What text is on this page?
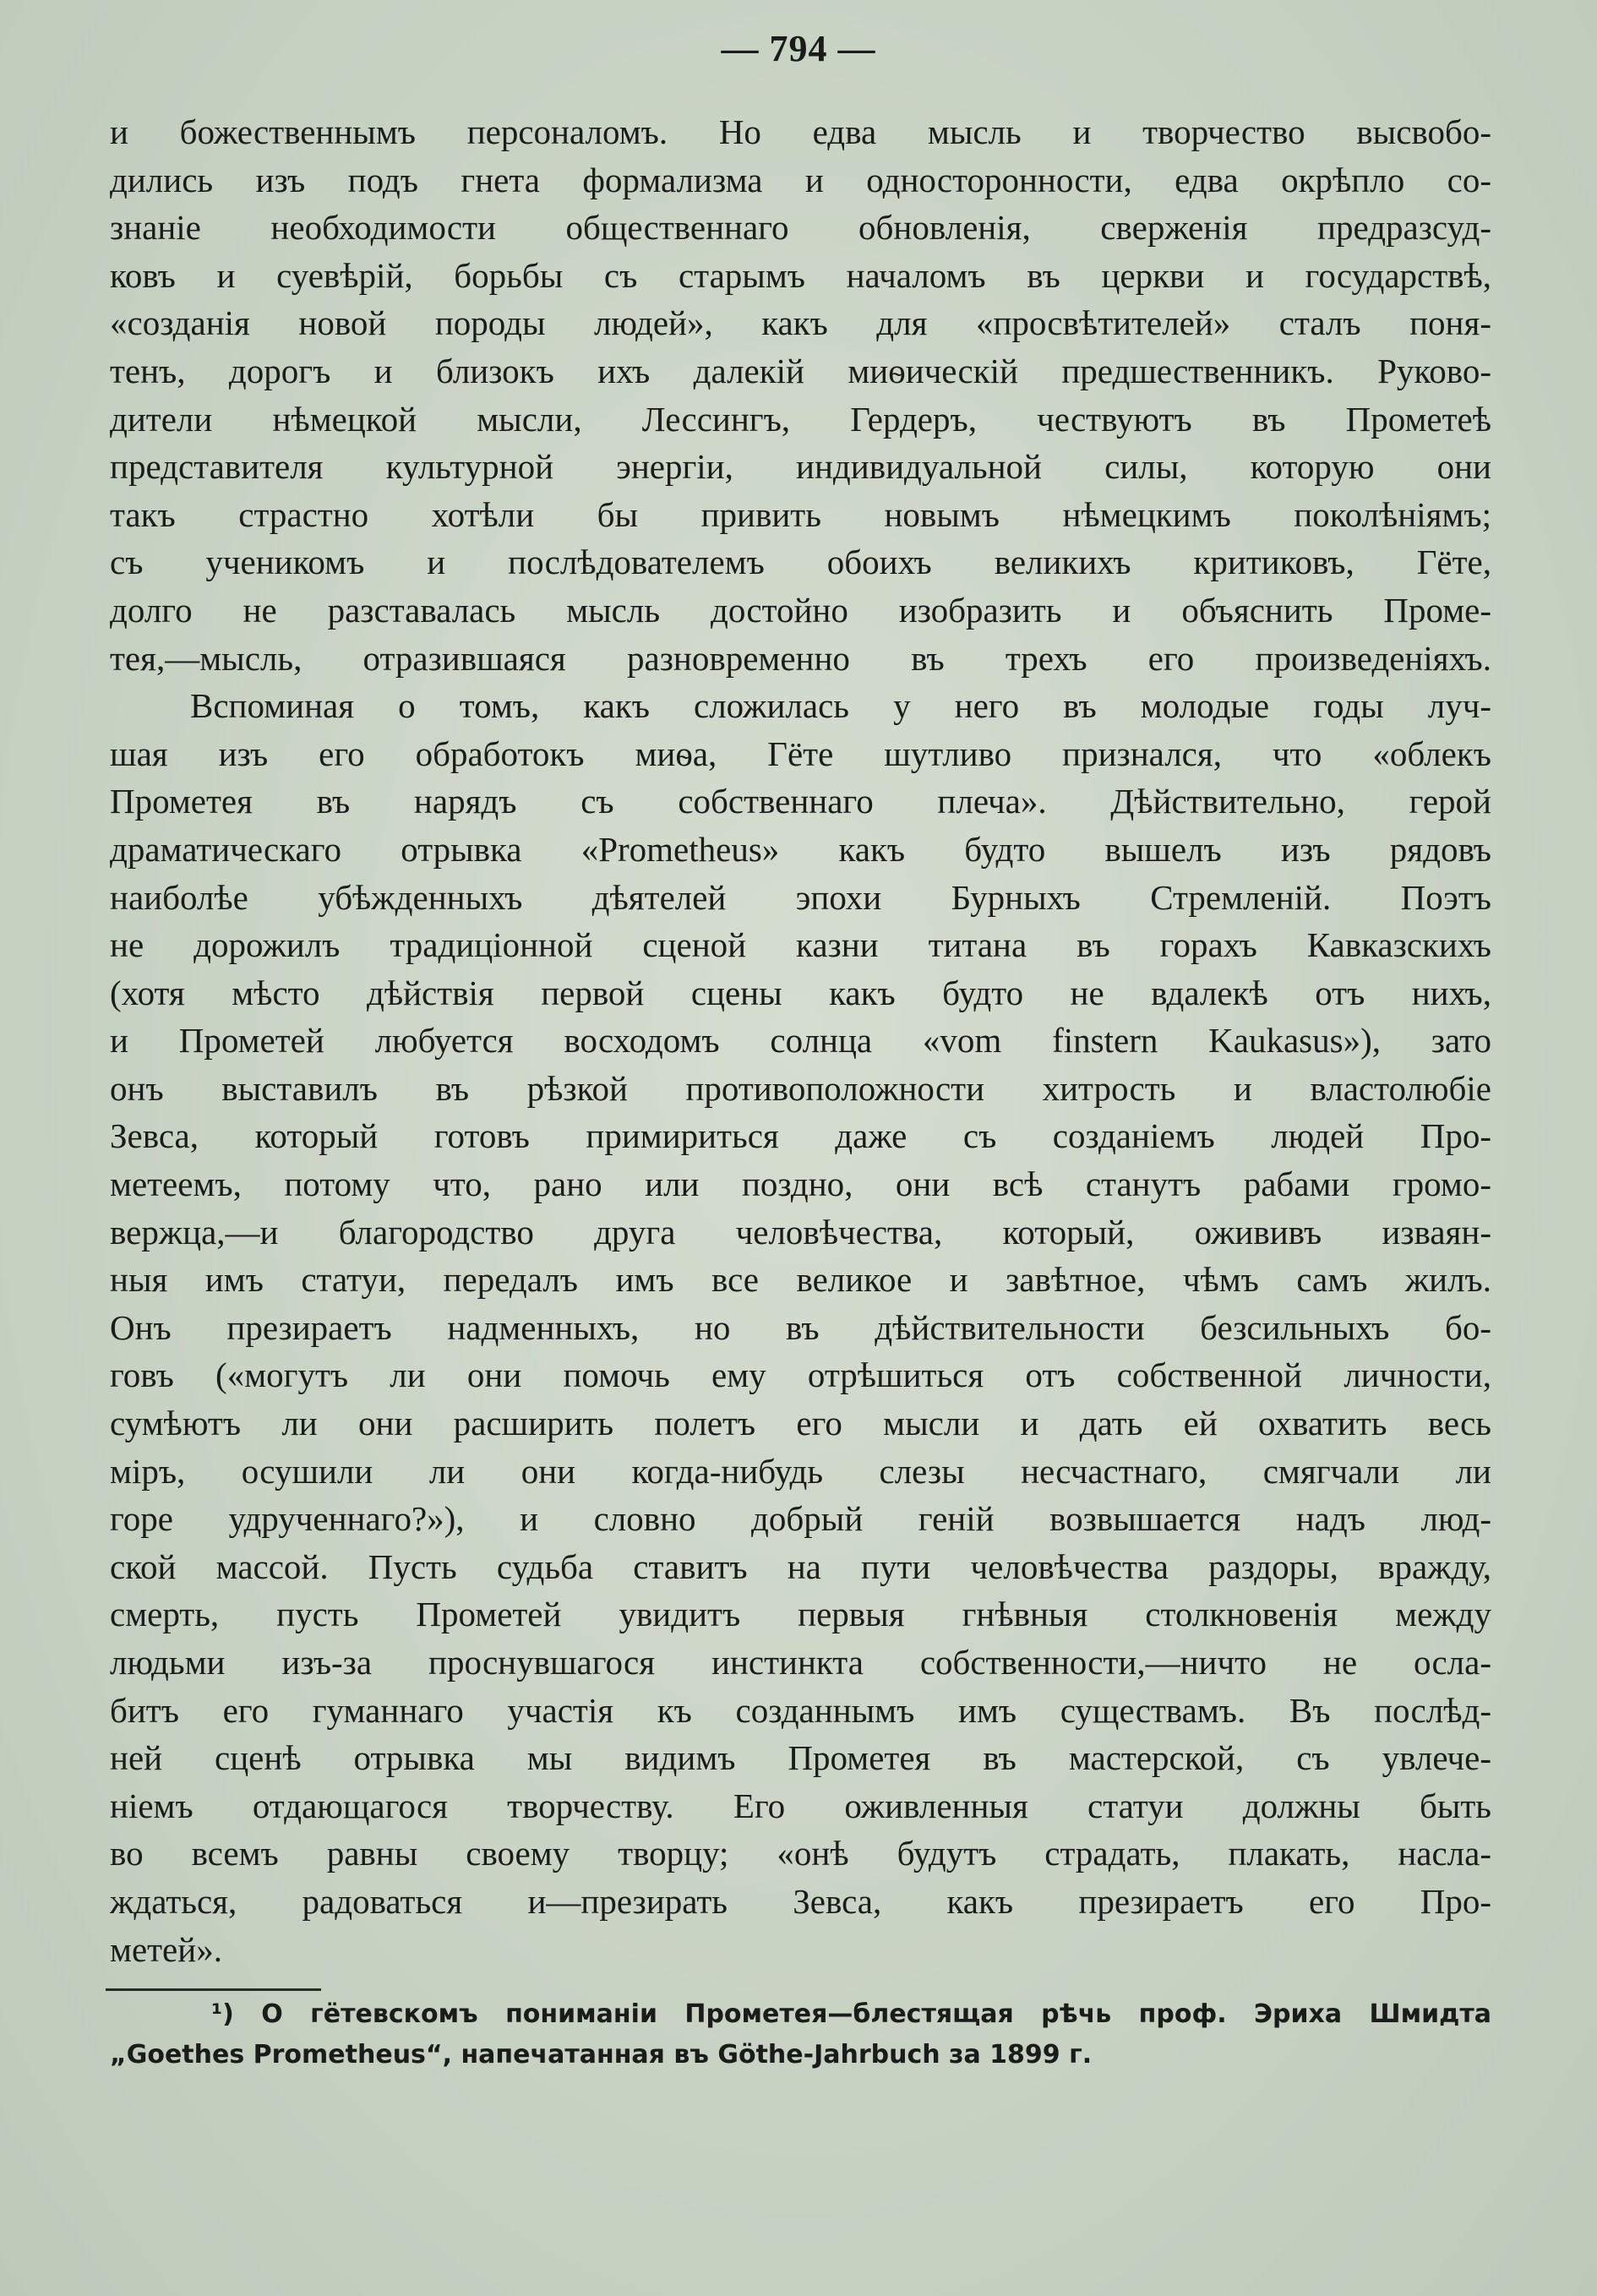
— 794 —
и божественнымъ персоналомъ. Но едва мысль и творчество высвобо-
дились изъ подъ гнета формализма и односторонности, едва окрѣпло со-
знаніе необходимости общественнаго обновленія, сверженія предразсуд-
ковъ и суевѣрій, борьбы съ старымъ началомъ въ церкви и государствѣ,
«созданія новой породы людей», какъ для «просвѣтителей» сталъ поня-
тенъ, дорогъ и близокъ ихъ далекій миѳическій предшественникъ. Руково-
дители нѣмецкой мысли, Лессингъ, Гердеръ, чествуютъ въ Прометеѣ
представителя культурной энергіи, индивидуальной силы, которую они
такъ страстно хотѣли бы привить новымъ нѣмецкимъ поколѣніямъ;
съ ученикомъ и послѣдователемъ обоихъ великихъ критиковъ, Гёте,
долго не разставалась мысль достойно изобразить и объяснить Проме-
тея,—мысль, отразившаяся разновременно въ трехъ его произведеніяхъ.
Вспоминая о томъ, какъ сложилась у него въ молодые годы луч-
шая изъ его обработокъ миѳа, Гёте шутливо признался, что «облекъ
Прометея въ нарядъ съ собственнаго плеча». Дѣйствительно, герой
драматическаго отрывка «Prometheus» какъ будто вышелъ изъ рядовъ
наиболѣе убѣжденныхъ дѣятелей эпохи Бурныхъ Стремленій. Поэтъ
не дорожилъ традиціонной сценой казни титана въ горахъ Кавказскихъ
(хотя мѣсто дѣйствія первой сцены какъ будто не вдалекѣ отъ нихъ,
и Прометей любуется восходомъ солнца «vom finstern Kaukasus»), зато
онъ выставилъ въ рѣзкой противоположности хитрость и властолюбіе
Зевса, который готовъ примириться даже съ созданіемъ людей Про-
метеемъ, потому что, рано или поздно, они всѣ станутъ рабами громо-
вержца,—и благородство друга человѣчества, который, ожививъ изваян-
ныя имъ статуи, передалъ имъ все великое и завѣтное, чѣмъ самъ жилъ.
Онъ презираетъ надменныхъ, но въ дѣйствительности безсильныхъ бо-
говъ («могутъ ли они помочь ему отрѣшиться отъ собственной личности,
сумѣютъ ли они расширить полетъ его мысли и дать ей охватить весь
міръ, осушили ли они когда-нибудь слезы несчастнаго, смягчали ли
горе удрученнаго?»), и словно добрый геній возвышается надъ люд-
ской массой. Пусть судьба ставитъ на пути человѣчества раздоры, вражду,
смерть, пусть Прометей увидитъ первыя гнѣвныя столкновенія между
людьми изъ-за проснувшагося инстинкта собственности,—ничто не осла-
битъ его гуманнаго участія къ созданнымъ имъ существамъ. Въ послѣд-
ней сценѣ отрывка мы видимъ Прометея въ мастерской, съ увлече-
ніемъ отдающагося творчеству. Его оживленныя статуи должны быть
во всемъ равны своему творцу; «онѣ будутъ страдать, плакать, насла-
ждаться, радоваться и—презирать Зевса, какъ презираетъ его Про-
метей».
¹) О гётевскомъ пониманіи Прометея—блестящая рѣчь проф. Эриха Шмидта
„Goethes Prometheus“, напечатанная въ Göthe-Jahrbuch за 1899 г.
